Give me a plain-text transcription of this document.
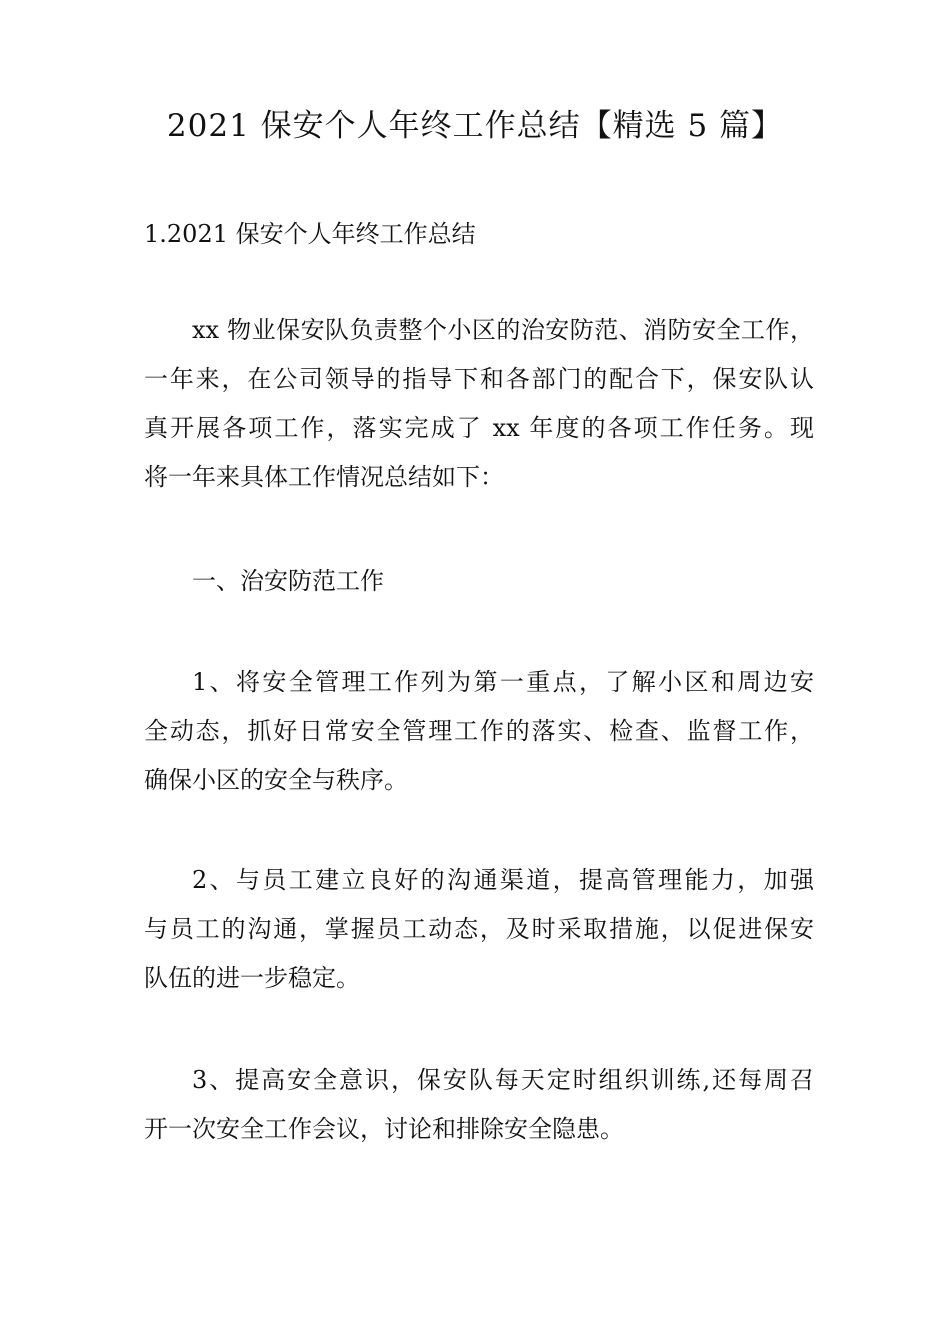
2021 保安个人年终工作总结【精选 5 篇】
1.2021 保安个人年终工作总结
xx 物业保安队负责整个小区的治安防范、消防安全工作，
一年来，在公司领导的指导下和各部门的配合下，保安队认
真开展各项工作，落实完成了 xx 年度的各项工作任务。现
将一年来具体工作情况总结如下：
一、治安防范工作
1、将安全管理工作列为第一重点，了解小区和周边安
全动态，抓好日常安全管理工作的落实、检查、监督工作，
确保小区的安全与秩序。
2、与员工建立良好的沟通渠道，提高管理能力，加强
与员工的沟通，掌握员工动态，及时采取措施，以促进保安
队伍的进一步稳定。
3、提高安全意识，保安队每天定时组织训练,还每周召
开一次安全工作会议，讨论和排除安全隐患。
